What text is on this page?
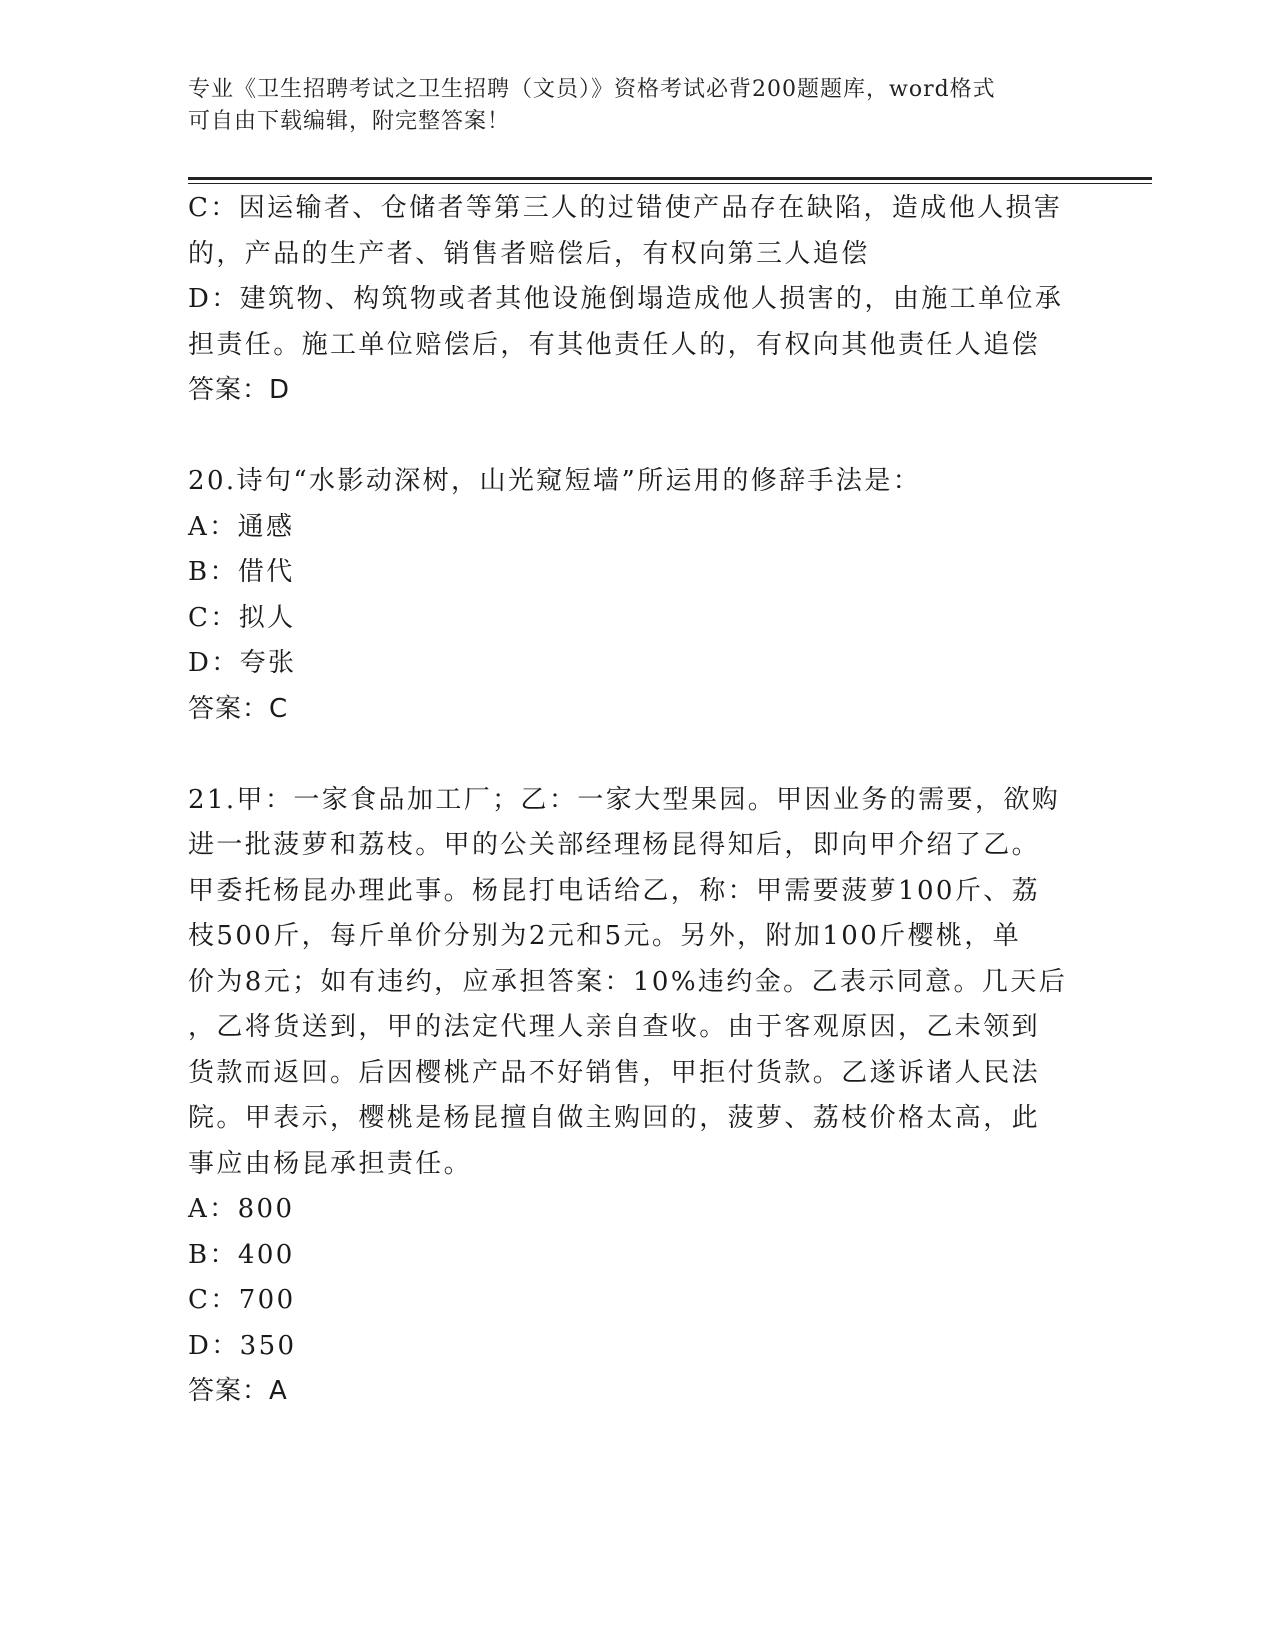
专业《卫生招聘考试之卫生招聘（文员）》资格考试必背200题题库，word格式
可自由下载编辑，附完整答案！
C：因运输者、仓储者等第三人的过错使产品存在缺陷，造成他人损害
的，产品的生产者、销售者赔偿后，有权向第三人追偿
D：建筑物、构筑物或者其他设施倒塌造成他人损害的，由施工单位承
担责任。施工单位赔偿后，有其他责任人的，有权向其他责任人追偿
答案：D
20.诗句“水影动深树，山光窥短墙”所运用的修辞手法是：
A：通感
B：借代
C：拟人
D：夸张
答案：C
21.甲：一家食品加工厂；乙：一家大型果园。甲因业务的需要，欲购
进一批菠萝和荔枝。甲的公关部经理杨昆得知后，即向甲介绍了乙。
甲委托杨昆办理此事。杨昆打电话给乙，称：甲需要菠萝100斤、荔
枝500斤，每斤单价分别为2元和5元。另外，附加100斤樱桃，单
价为8元；如有违约，应承担答案：10%违约金。乙表示同意。几天后
，乙将货送到，甲的法定代理人亲自查收。由于客观原因，乙未领到
货款而返回。后因樱桃产品不好销售，甲拒付货款。乙遂诉诸人民法
院。甲表示，樱桃是杨昆擅自做主购回的，菠萝、荔枝价格太高，此
事应由杨昆承担责任。
A：800
B：400
C：700
D：350
答案：A
